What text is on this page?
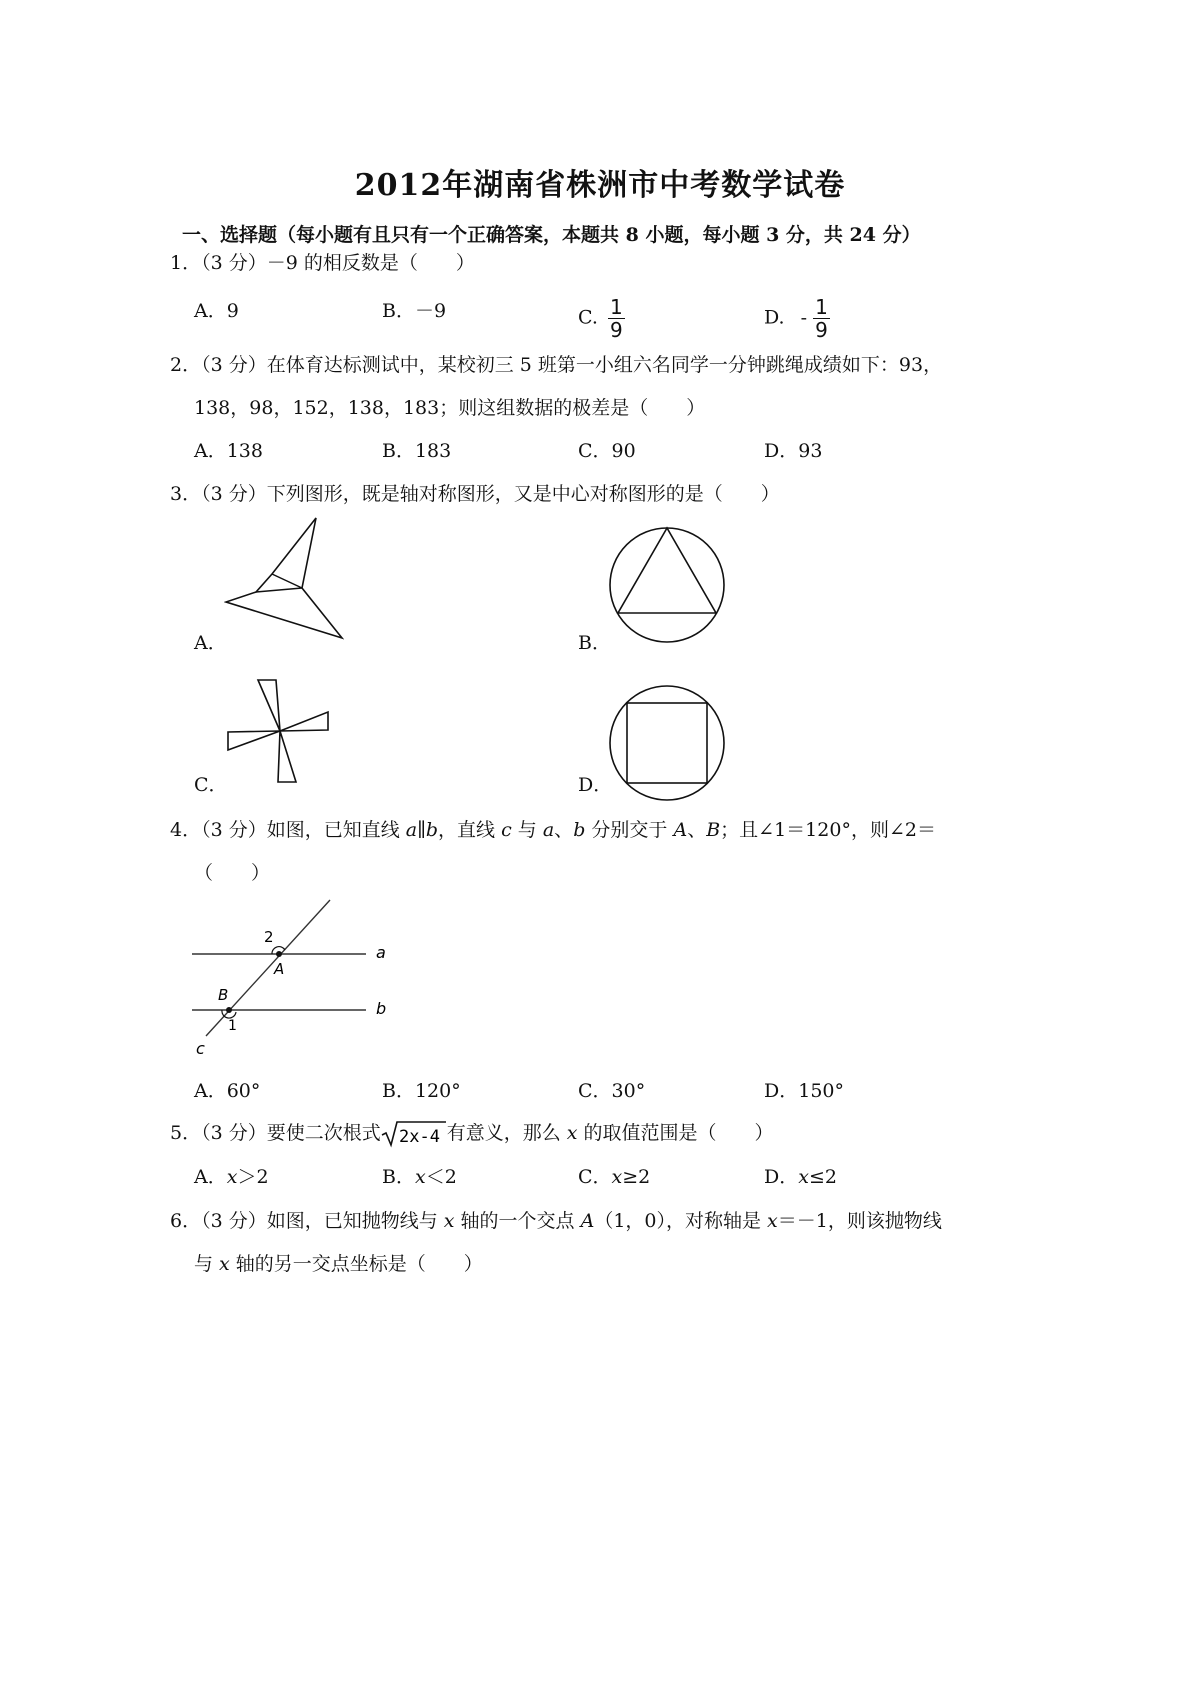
2012年湖南省株洲市中考数学试卷
一、选择题（每小题有且只有一个正确答案，本题共 8 小题，每小题 3 分，共 24 分）
1．（3 分）－9 的相反数是（　　）
A．9	B．－9	C. $\frac{1}{9}$	D. - $\frac{1}{9}$
2．（3 分）在体育达标测试中，某校初三 5 班第一小组六名同学一分钟跳绳成绩如下：93，
138，98，152，138，183；则这组数据的极差是（　　）
A．138	B．183	C．90	D．93
3．（3 分）下列图形，既是轴对称图形，又是中心对称图形的是（　　）
A．	B．
C．	D．
4．（3 分）如图，已知直线 a∥b，直线 c 与 a、b 分别交于 A、B；且∠1＝120°，则∠2＝
（　　）
2
A
a
B
b
1
c
A．60°	B．120°	C．30°	D．150°
5．（3 分）要使二次根式 2x-4 有意义，那么 x 的取值范围是（　　）
A．x＞2	B．x＜2	C．x≥2	D．x≤2
6．（3 分）如图，已知抛物线与 x 轴的一个交点 A（1，0），对称轴是 x＝－1，则该抛物线
与 x 轴的另一交点坐标是（　　）
